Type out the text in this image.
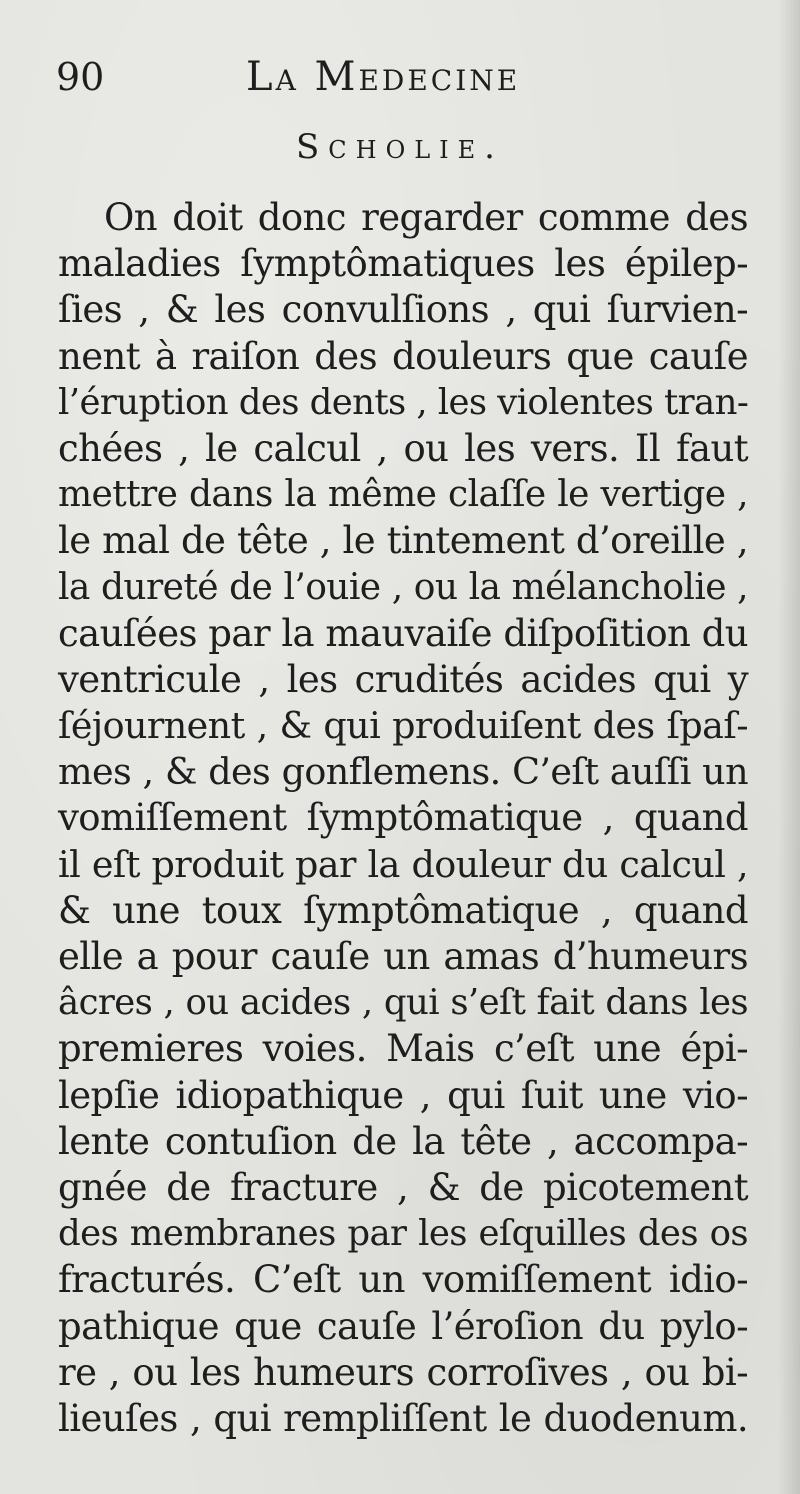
90	La Medecine
Scholie.
On doit donc regarder comme des
maladies ſymptômatiques les épilep-
ſies , & les convulſions , qui ſurvien-
nent à raiſon des douleurs que cauſe
l’éruption des dents , les violentes tran-
chées , le calcul , ou les vers. Il faut
mettre dans la même claſſe le vertige ,
le mal de tête , le tintement d’oreille ,
la dureté de l’ouie , ou la mélancholie ,
cauſées par la mauvaiſe diſpoſition du
ventricule , les crudités acides qui y
ſéjournent , & qui produiſent des ſpaſ-
mes , & des gonflemens. C’eſt auſſi un
vomiſſement ſymptômatique , quand
il eſt produit par la douleur du calcul ,
& une toux ſymptômatique , quand
elle a pour cauſe un amas d’humeurs
âcres , ou acides , qui s’eſt fait dans les
premieres voies. Mais c’eſt une épi-
lepſie idiopathique , qui ſuit une vio-
lente contuſion de la tête , accompa-
gnée de fracture , & de picotement
des membranes par les eſquilles des os
fracturés. C’eſt un vomiſſement idio-
pathique que cauſe l’éroſion du pylo-
re , ou les humeurs corroſives , ou bi-
lieuſes , qui rempliſſent le duodenum.
